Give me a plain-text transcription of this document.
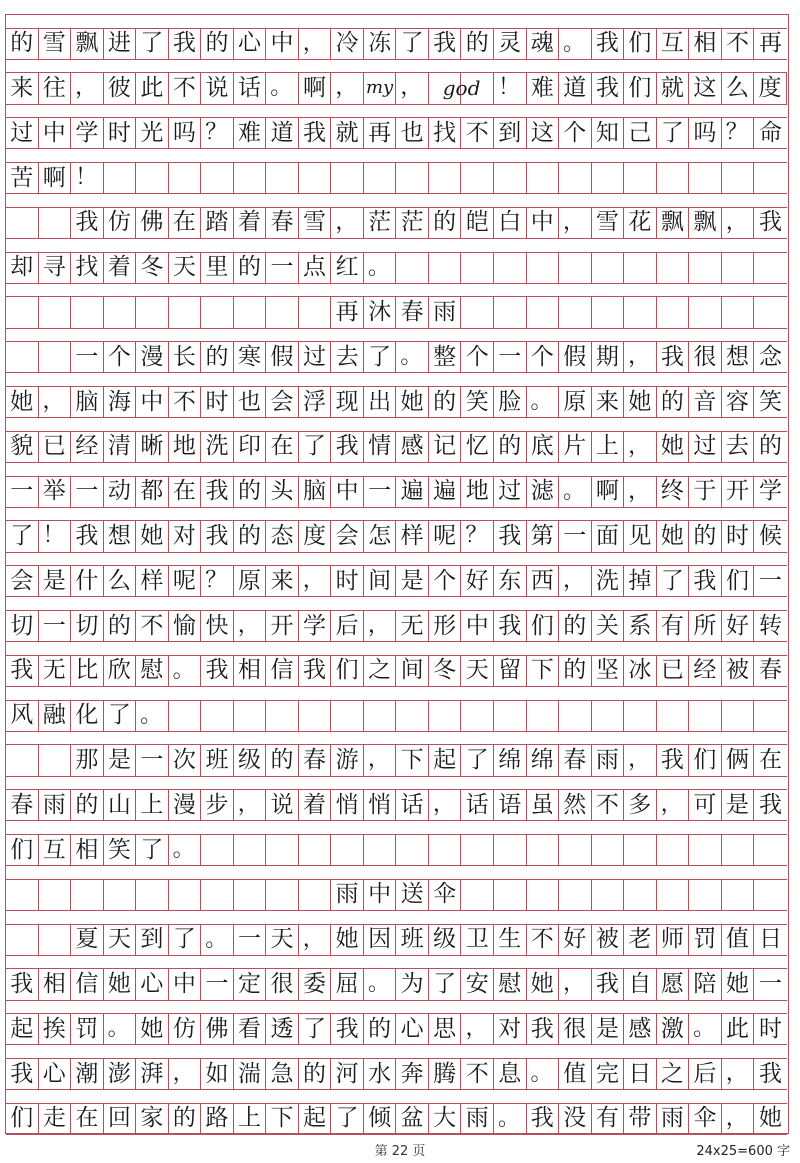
的 雪 飘 进 了 我 的 心 中 ， 冷 冻 了 我 的 灵 魂 。 我 们 互 相 不 再
来 往 ， 彼 此 不 说 话 。 啊 ， my ，	！ 难 道 我 们 就 这 么 度
god
过 中 学 时 光 吗 ？ 难 道 我 就 再 也 找 不 到 这 个 知 己 了 吗 ？ 命
苦 啊 ！
我 仿 佛 在 踏 着 春 雪 ， 茫 茫 的 皑 白 中 ， 雪 花 飘 飘 ， 我
却 寻 找 着 冬 天 里 的 一 点 红 。
再 沐 春 雨
一 个 漫 长 的 寒 假 过 去 了 。 整 个 一 个 假 期 ， 我 很 想 念
她 ， 脑 海 中 不 时 也 会 浮 现 出 她 的 笑 脸 。 原 来 她 的 音 容 笑
貌 已 经 清 晰 地 洗 印 在 了 我 情 感 记 忆 的 底 片 上 ， 她 过 去 的
一 举 一 动 都 在 我 的 头 脑 中 一 遍 遍 地 过 滤 。 啊 ， 终 于 开 学
了 ！ 我 想 她 对 我 的 态 度 会 怎 样 呢 ？ 我 第 一 面 见 她 的 时 候
会 是 什 么 样 呢 ？ 原 来 ， 时 间 是 个 好 东 西 ， 洗 掉 了 我 们 一
切 一 切 的 不 愉 快 ， 开 学 后 ， 无 形 中 我 们 的 关 系 有 所 好 转
我 无 比 欣 慰 。 我 相 信 我 们 之 间 冬 天 留 下 的 坚 冰 已 经 被 春
风 融 化 了 。
那 是 一 次 班 级 的 春 游 ， 下 起 了 绵 绵 春 雨 ， 我 们 俩 在
春 雨 的 山 上 漫 步 ， 说 着 悄 悄 话 ， 话 语 虽 然 不 多 ， 可 是 我
们 互 相 笑 了 。
雨 中 送 伞
夏 天 到 了 。 一 天 ， 她 因 班 级 卫 生 不 好 被 老 师 罚 值 日
我 相 信 她 心 中 一 定 很 委 屈 。 为 了 安 慰 她 ， 我 自 愿 陪 她 一
起 挨 罚 。 她 仿 佛 看 透 了 我 的 心 思 ， 对 我 很 是 感 激 。 此 时
我 心 潮 澎 湃 ， 如 湍 急 的 河 水 奔 腾 不 息 。 值 完 日 之 后 ， 我
们 走 在 回 家 的 路 上 下 起 了 倾 盆 大 雨 。 我 没 有 带 雨 伞 ， 她
第 22 页	24x25=600 字
